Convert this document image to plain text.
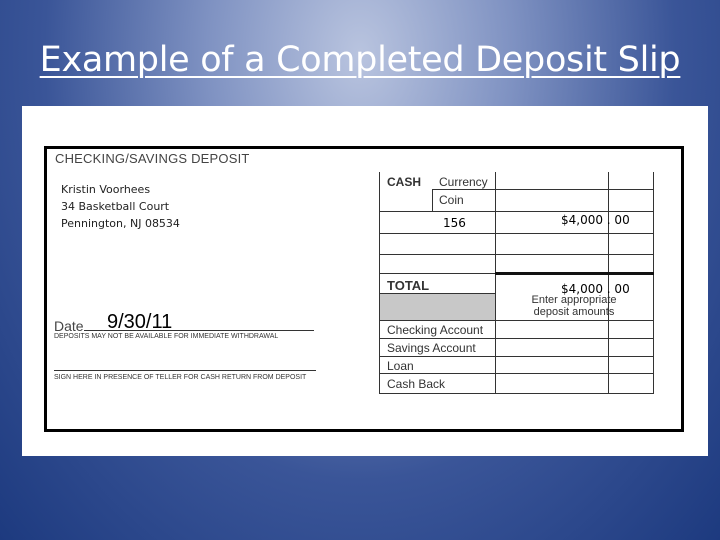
Example of a Completed Deposit Slip
CHECKING/SAVINGS DEPOSIT
Kristin Voorhees
34 Basketball Court
Pennington, NJ 08534
Date 9/30/11
DEPOSITS MAY NOT BE AVAILABLE FOR IMMEDIATE WITHDRAWAL
SIGN HERE IN PRESENCE OF TELLER FOR CASH RETURN FROM DEPOSIT
CASH Currency
Coin
156	$4,000 . 00
TOTAL	$4,000 . 00
Enter appropriate deposit amounts
Checking Account
Savings Account
Loan
Cash Back
